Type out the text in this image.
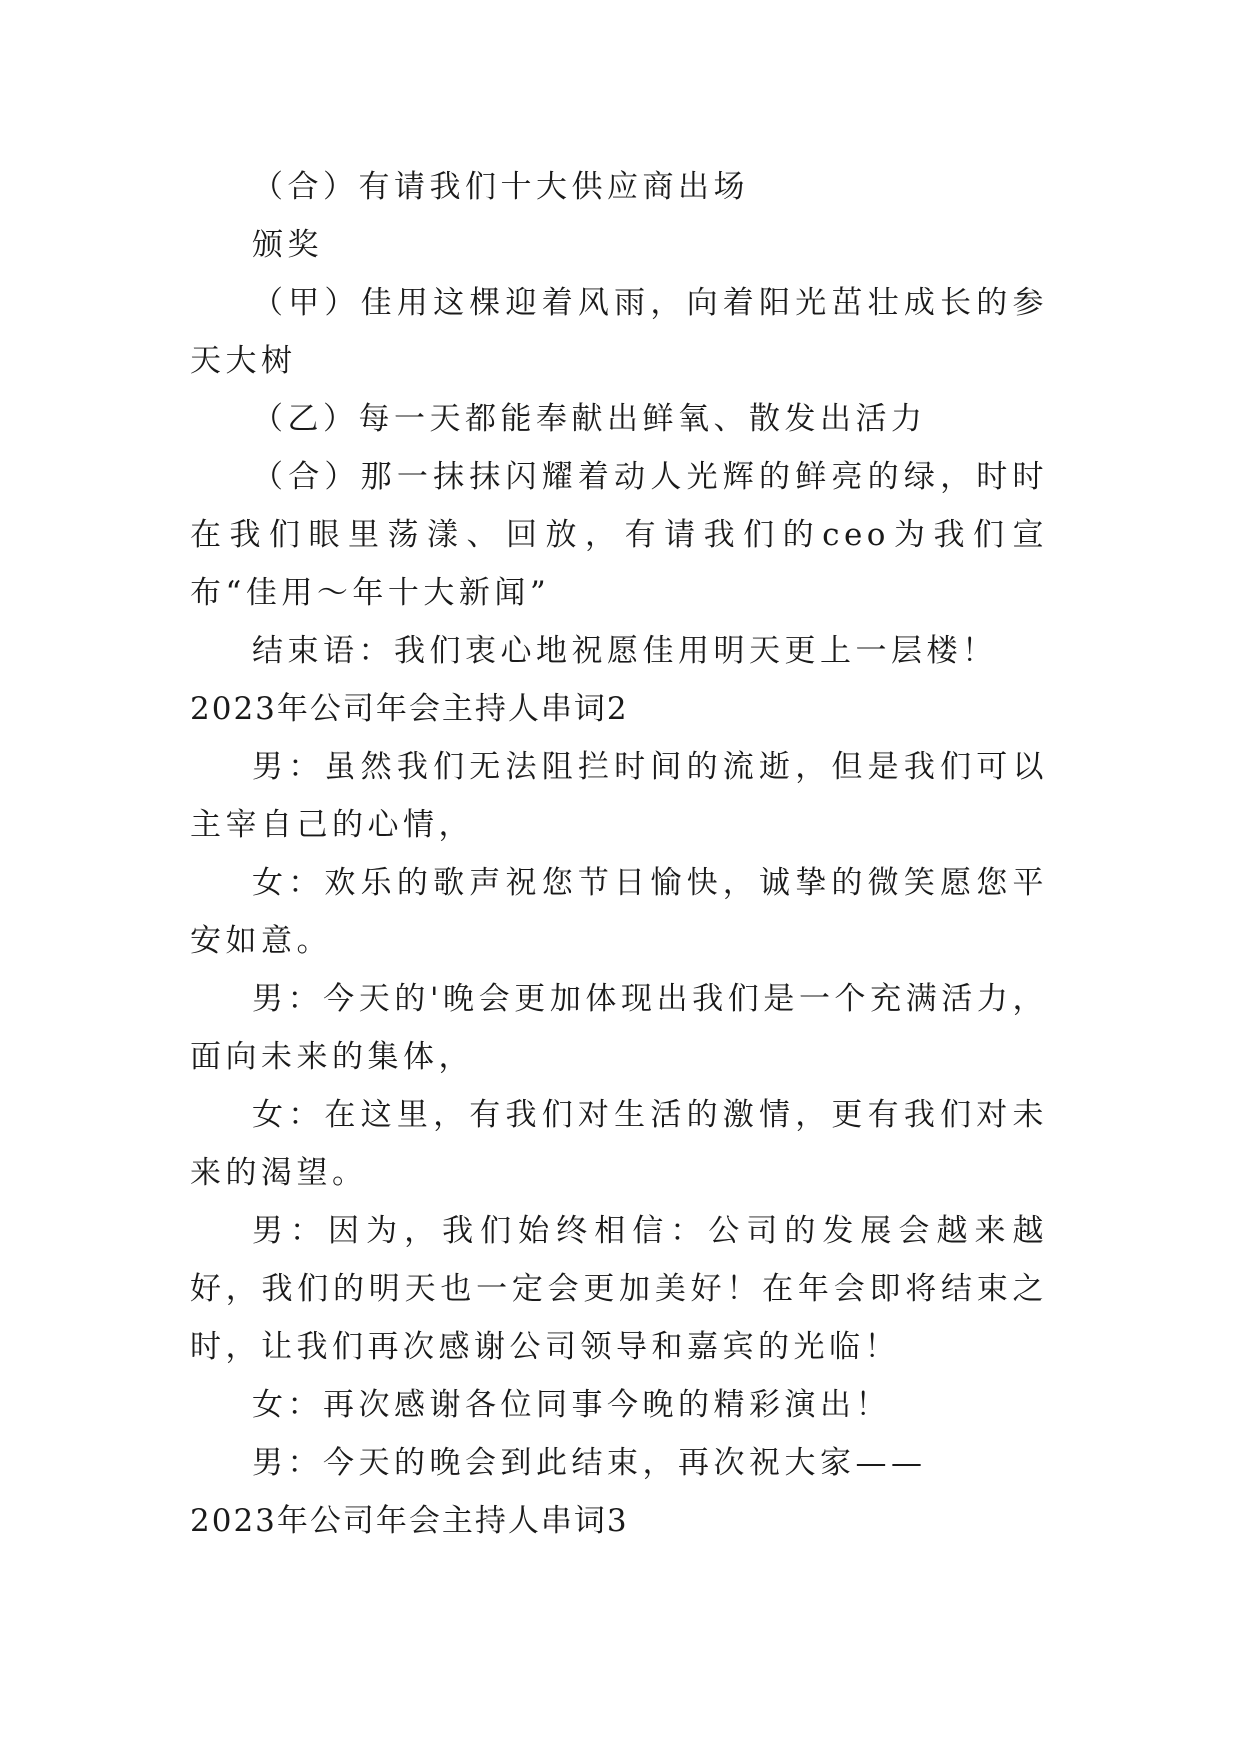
（合）有请我们十大供应商出场

颁奖

（甲）佳用这棵迎着风雨，向着阳光茁壮成长的参天大树

（乙）每一天都能奉献出鲜氧、散发出活力

（合）那一抹抹闪耀着动人光辉的鲜亮的绿，时时在我们眼里荡漾、回放，有请我们的ceo为我们宣布“佳用～年十大新闻”

结束语：我们衷心地祝愿佳用明天更上一层楼！

2023年公司年会主持人串词2

男：虽然我们无法阻拦时间的流逝，但是我们可以主宰自己的心情，

女：欢乐的歌声祝您节日愉快，诚挚的微笑愿您平安如意。

男：今天的'晚会更加体现出我们是一个充满活力，面向未来的集体，

女：在这里，有我们对生活的激情，更有我们对未来的渴望。

男：因为，我们始终相信：公司的发展会越来越好，我们的明天也一定会更加美好！在年会即将结束之时，让我们再次感谢公司领导和嘉宾的光临！

女：再次感谢各位同事今晚的精彩演出！

男：今天的晚会到此结束，再次祝大家——

2023年公司年会主持人串词3
